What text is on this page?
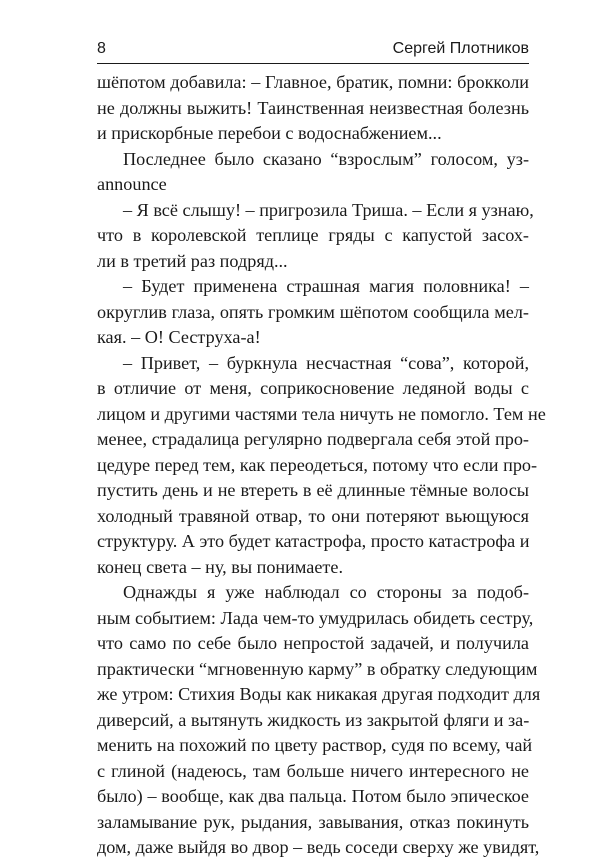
8	Сергей Плотников
шёпотом добавила: – Главное, братик, помни: брокколи
не должны выжить! Таинственная неизвестная болезнь
и прискорбные перебои с водоснабжением...
Последнее было сказано “взрослым” голосом, уз-
announce
– Я всё слышу! – пригрозила Триша. – Если я узнаю,
что в королевской теплице гряды с капустой засох-
ли в третий раз подряд...
– Будет применена страшная магия половника! –
округлив глаза, опять громким шёпотом сообщила мел-
кая. – О! Сеструха-а!
– Привет, – буркнула несчастная “сова”, которой,
в отличие от меня, соприкосновение ледяной воды с
лицом и другими частями тела ничуть не помогло. Тем не
менее, страдалица регулярно подвергала себя этой про-
цедуре перед тем, как переодеться, потому что если про-
пустить день и не втереть в её длинные тёмные волосы
холодный травяной отвар, то они потеряют вьющуюся
структуру. А это будет катастрофа, просто катастрофа и
конец света – ну, вы понимаете.
Однажды я уже наблюдал со стороны за подоб-
ным событием: Лада чем-то умудрилась обидеть сестру,
что само по себе было непростой задачей, и получила
практически “мгновенную карму” в обратку следующим
же утром: Стихия Воды как никакая другая подходит для
диверсий, а вытянуть жидкость из закрытой фляги и за-
менить на похожий по цвету раствор, судя по всему, чай
с глиной (надеюсь, там больше ничего интересного не
было) – вообще, как два пальца. Потом было эпическое
заламывание рук, рыдания, завывания, отказ покинуть
дом, даже выйдя во двор – ведь соседи сверху же увидят,
